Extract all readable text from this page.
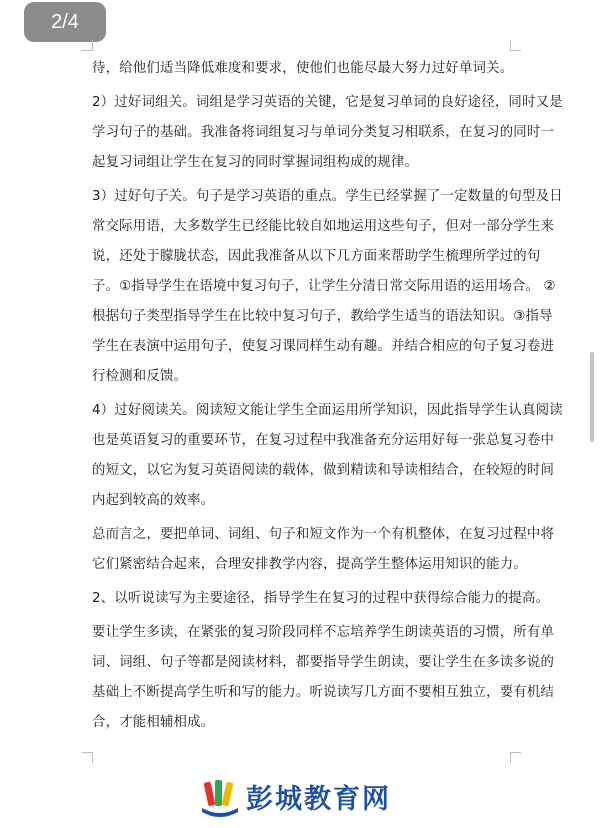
2/4
待，给他们适当降低难度和要求，使他们也能尽最大努力过好单词关。
2）过好词组关。词组是学习英语的关键，它是复习单词的良好途径，同时又是
学习句子的基础。我准备将词组复习与单词分类复习相联系，在复习的同时一
起复习词组让学生在复习的同时掌握词组构成的规律。
3）过好句子关。句子是学习英语的重点。学生已经掌握了一定数量的句型及日
常交际用语，大多数学生已经能比较自如地运用这些句子，但对一部分学生来
说，还处于朦胧状态，因此我准备从以下几方面来帮助学生梳理所学过的句
子。①指导学生在语境中复习句子，让学生分清日常交际用语的运用场合。 ②
根据句子类型指导学生在比较中复习句子，教给学生适当的语法知识。③指导
学生在表演中运用句子，使复习课同样生动有趣。并结合相应的句子复习卷进
行检测和反馈。
4）过好阅读关。阅读短文能让学生全面运用所学知识，因此指导学生认真阅读
也是英语复习的重要环节，在复习过程中我准备充分运用好每一张总复习卷中
的短文，以它为复习英语阅读的载体，做到精读和导读相结合，在较短的时间
内起到较高的效率。
总而言之，要把单词、词组、句子和短文作为一个有机整体，在复习过程中将
它们紧密结合起来，合理安排教学内容，提高学生整体运用知识的能力。
2、以听说读写为主要途径，指导学生在复习的过程中获得综合能力的提高。
要让学生多读，在紧张的复习阶段同样不忘培养学生朗读英语的习惯，所有单
词、词组、句子等都是阅读材料，都要指导学生朗读，要让学生在多读多说的
基础上不断提高学生听和写的能力。听说读写几方面不要相互独立，要有机结
合，才能相辅相成。
彭城教育网
